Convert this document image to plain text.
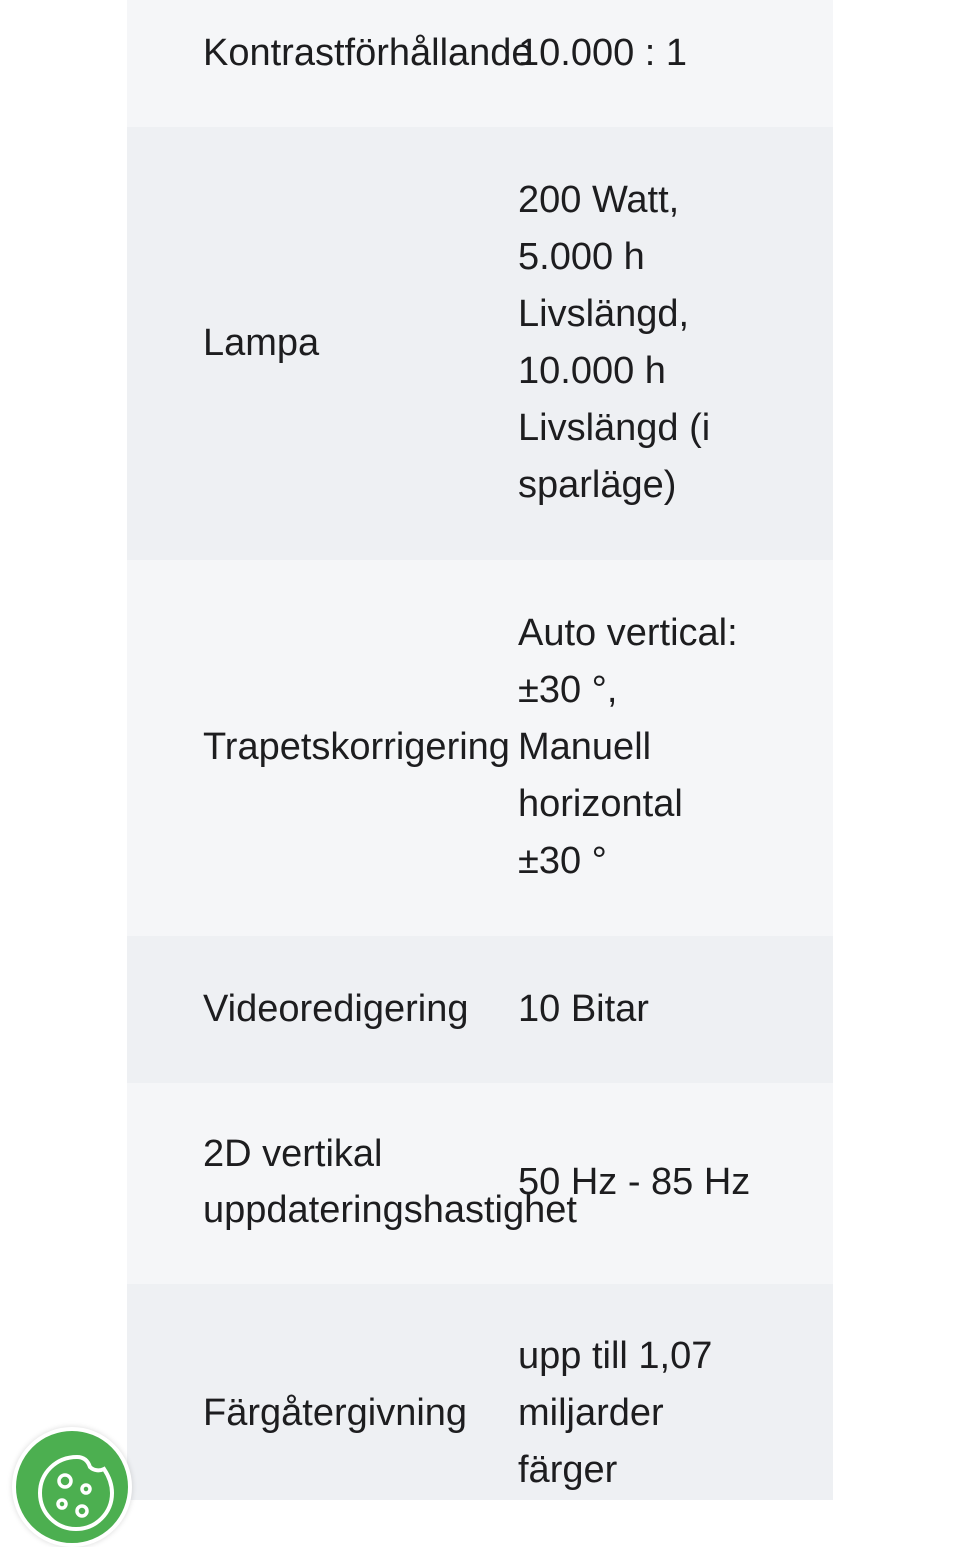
Kontrastförhållande
10.000 : 1
Lampa
200 Watt,
5.000 h
Livslängd,
10.000 h
Livslängd (i
sparläge)
Trapetskorrigering
Auto vertical:
±30 °,
Manuell
horizontal
±30 °
Videoredigering 10 Bitar
2D vertikal
uppdateringshastighet
50 Hz - 85 Hz
Färgåtergivning
upp till 1,07
miljarder
färger
